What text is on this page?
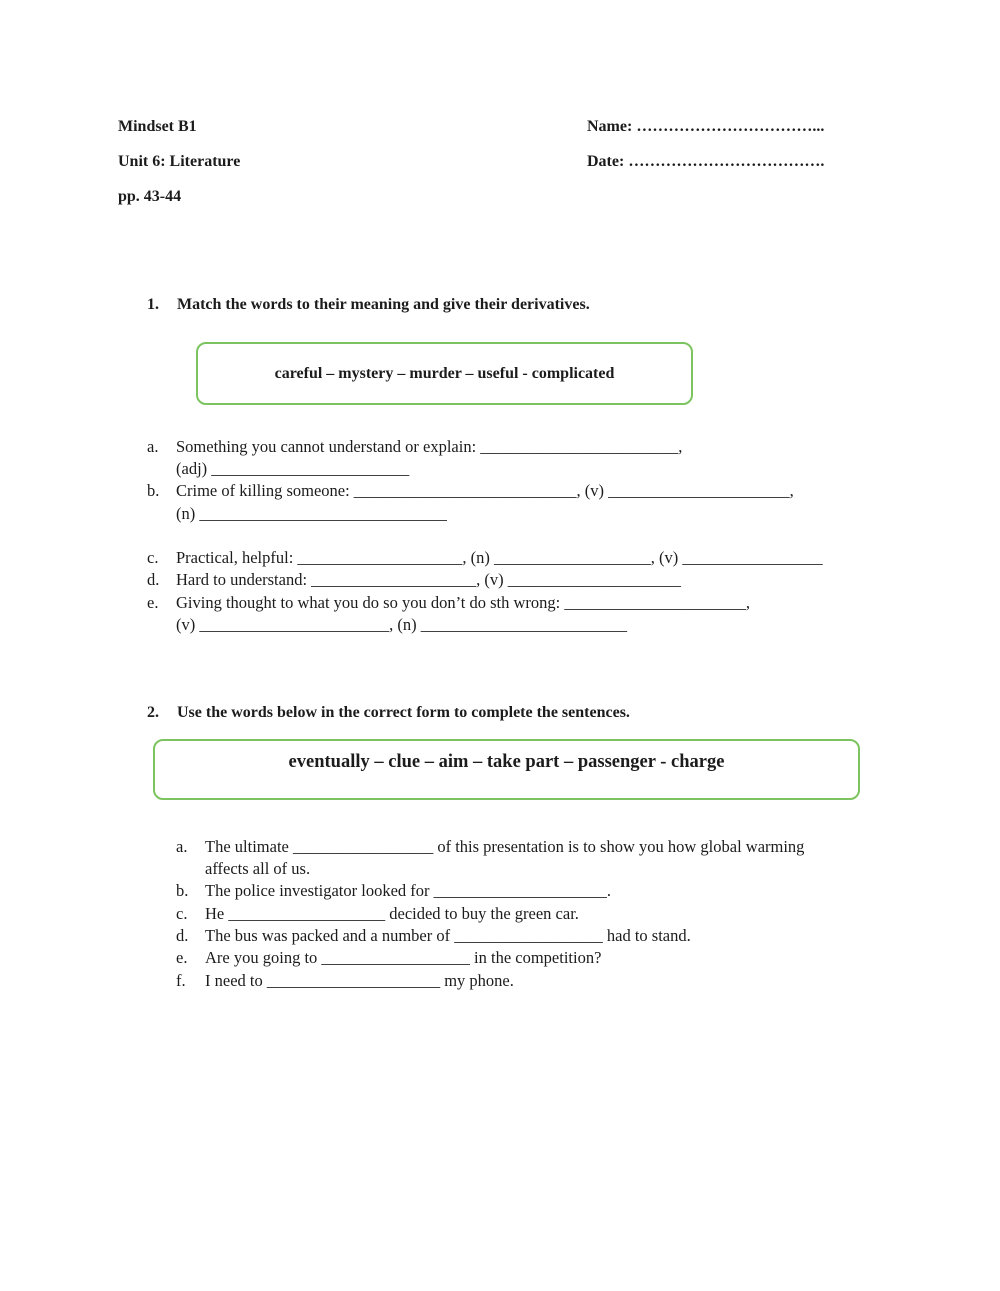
Mindset B1
Unit 6: Literature
pp. 43-44
Name: ……………………………...
Date: ……………………………….
1. Match the words to their meaning and give their derivatives.
careful – mystery – murder – useful - complicated
a. Something you cannot understand or explain: ________________________,
(adj) ________________________
b. Crime of killing someone: ___________________________, (v) ______________________,
(n) ______________________________
c. Practical, helpful: ____________________, (n) ___________________, (v) _________________
d. Hard to understand: ____________________, (v) _____________________
e. Giving thought to what you do so you don’t do sth wrong: ______________________,
(v) _______________________, (n) _________________________
2. Use the words below in the correct form to complete the sentences.
eventually – clue – aim – take part – passenger - charge
a. The ultimate _________________ of this presentation is to show you how global warming
affects all of us.
b. The police investigator looked for _____________________.
c. He ___________________ decided to buy the green car.
d. The bus was packed and a number of __________________ had to stand.
e. Are you going to __________________ in the competition?
f. I need to _____________________ my phone.
